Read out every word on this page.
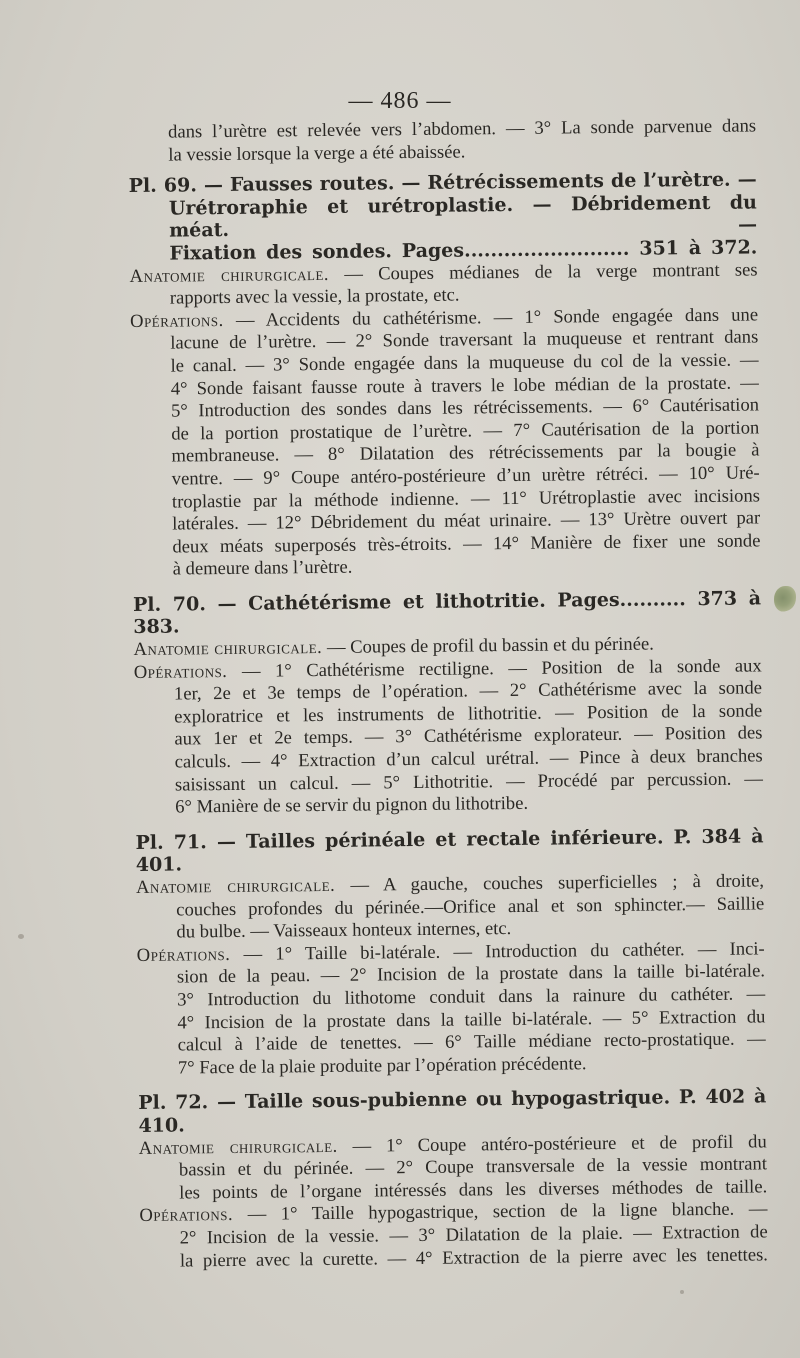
— 486 —
dans l’urètre est relevée vers l’abdomen. — 3° La sonde parvenue dans
la vessie lorsque la verge a été abaissée.
Pl. 69. — Fausses routes. — Rétrécissements de l’urètre. —
Urétroraphie et urétroplastie. — Débridement du méat. —
Fixation des sondes. Pages......................... 351 à 372.
Anatomie chirurgicale. — Coupes médianes de la verge montrant ses
rapports avec la vessie, la prostate, etc.
Opérations. — Accidents du cathétérisme. — 1° Sonde engagée dans une
lacune de l’urètre. — 2° Sonde traversant la muqueuse et rentrant dans
le canal. — 3° Sonde engagée dans la muqueuse du col de la vessie. —
4° Sonde faisant fausse route à travers le lobe médian de la prostate. —
5° Introduction des sondes dans les rétrécissements. — 6° Cautérisation
de la portion prostatique de l’urètre. — 7° Cautérisation de la portion
membraneuse. — 8° Dilatation des rétrécissements par la bougie à
ventre. — 9° Coupe antéro-postérieure d’un urètre rétréci. — 10° Uré-
troplastie par la méthode indienne. — 11° Urétroplastie avec incisions
latérales. — 12° Débridement du méat urinaire. — 13° Urètre ouvert par
deux méats superposés très-étroits. — 14° Manière de fixer une sonde
à demeure dans l’urètre.
Pl. 70. — Cathétérisme et lithotritie. Pages.......... 373 à 383.
Anatomie chirurgicale. — Coupes de profil du bassin et du périnée.
Opérations. — 1° Cathétérisme rectiligne. — Position de la sonde aux
1er, 2e et 3e temps de l’opération. — 2° Cathétérisme avec la sonde
exploratrice et les instruments de lithotritie. — Position de la sonde
aux 1er et 2e temps. — 3° Cathétérisme explorateur. — Position des
calculs. — 4° Extraction d’un calcul urétral. — Pince à deux branches
saisissant un calcul. — 5° Lithotritie. — Procédé par percussion. —
6° Manière de se servir du pignon du lithotribe.
Pl. 71. — Tailles périnéale et rectale inférieure. P. 384 à 401.
Anatomie chirurgicale. — A gauche, couches superficielles ; à droite,
couches profondes du périnée.—Orifice anal et son sphincter.— Saillie
du bulbe. — Vaisseaux honteux internes, etc.
Opérations. — 1° Taille bi-latérale. — Introduction du cathéter. — Inci-
sion de la peau. — 2° Incision de la prostate dans la taille bi-latérale.
3° Introduction du lithotome conduit dans la rainure du cathéter. —
4° Incision de la prostate dans la taille bi-latérale. — 5° Extraction du
calcul à l’aide de tenettes. — 6° Taille médiane recto-prostatique. —
7° Face de la plaie produite par l’opération précédente.
Pl. 72. — Taille sous-pubienne ou hypogastrique. P. 402 à 410.
Anatomie chirurgicale. — 1° Coupe antéro-postérieure et de profil du
bassin et du périnée. — 2° Coupe transversale de la vessie montrant
les points de l’organe intéressés dans les diverses méthodes de taille.
Opérations. — 1° Taille hypogastrique, section de la ligne blanche. —
2° Incision de la vessie. — 3° Dilatation de la plaie. — Extraction de
la pierre avec la curette. — 4° Extraction de la pierre avec les tenettes.
